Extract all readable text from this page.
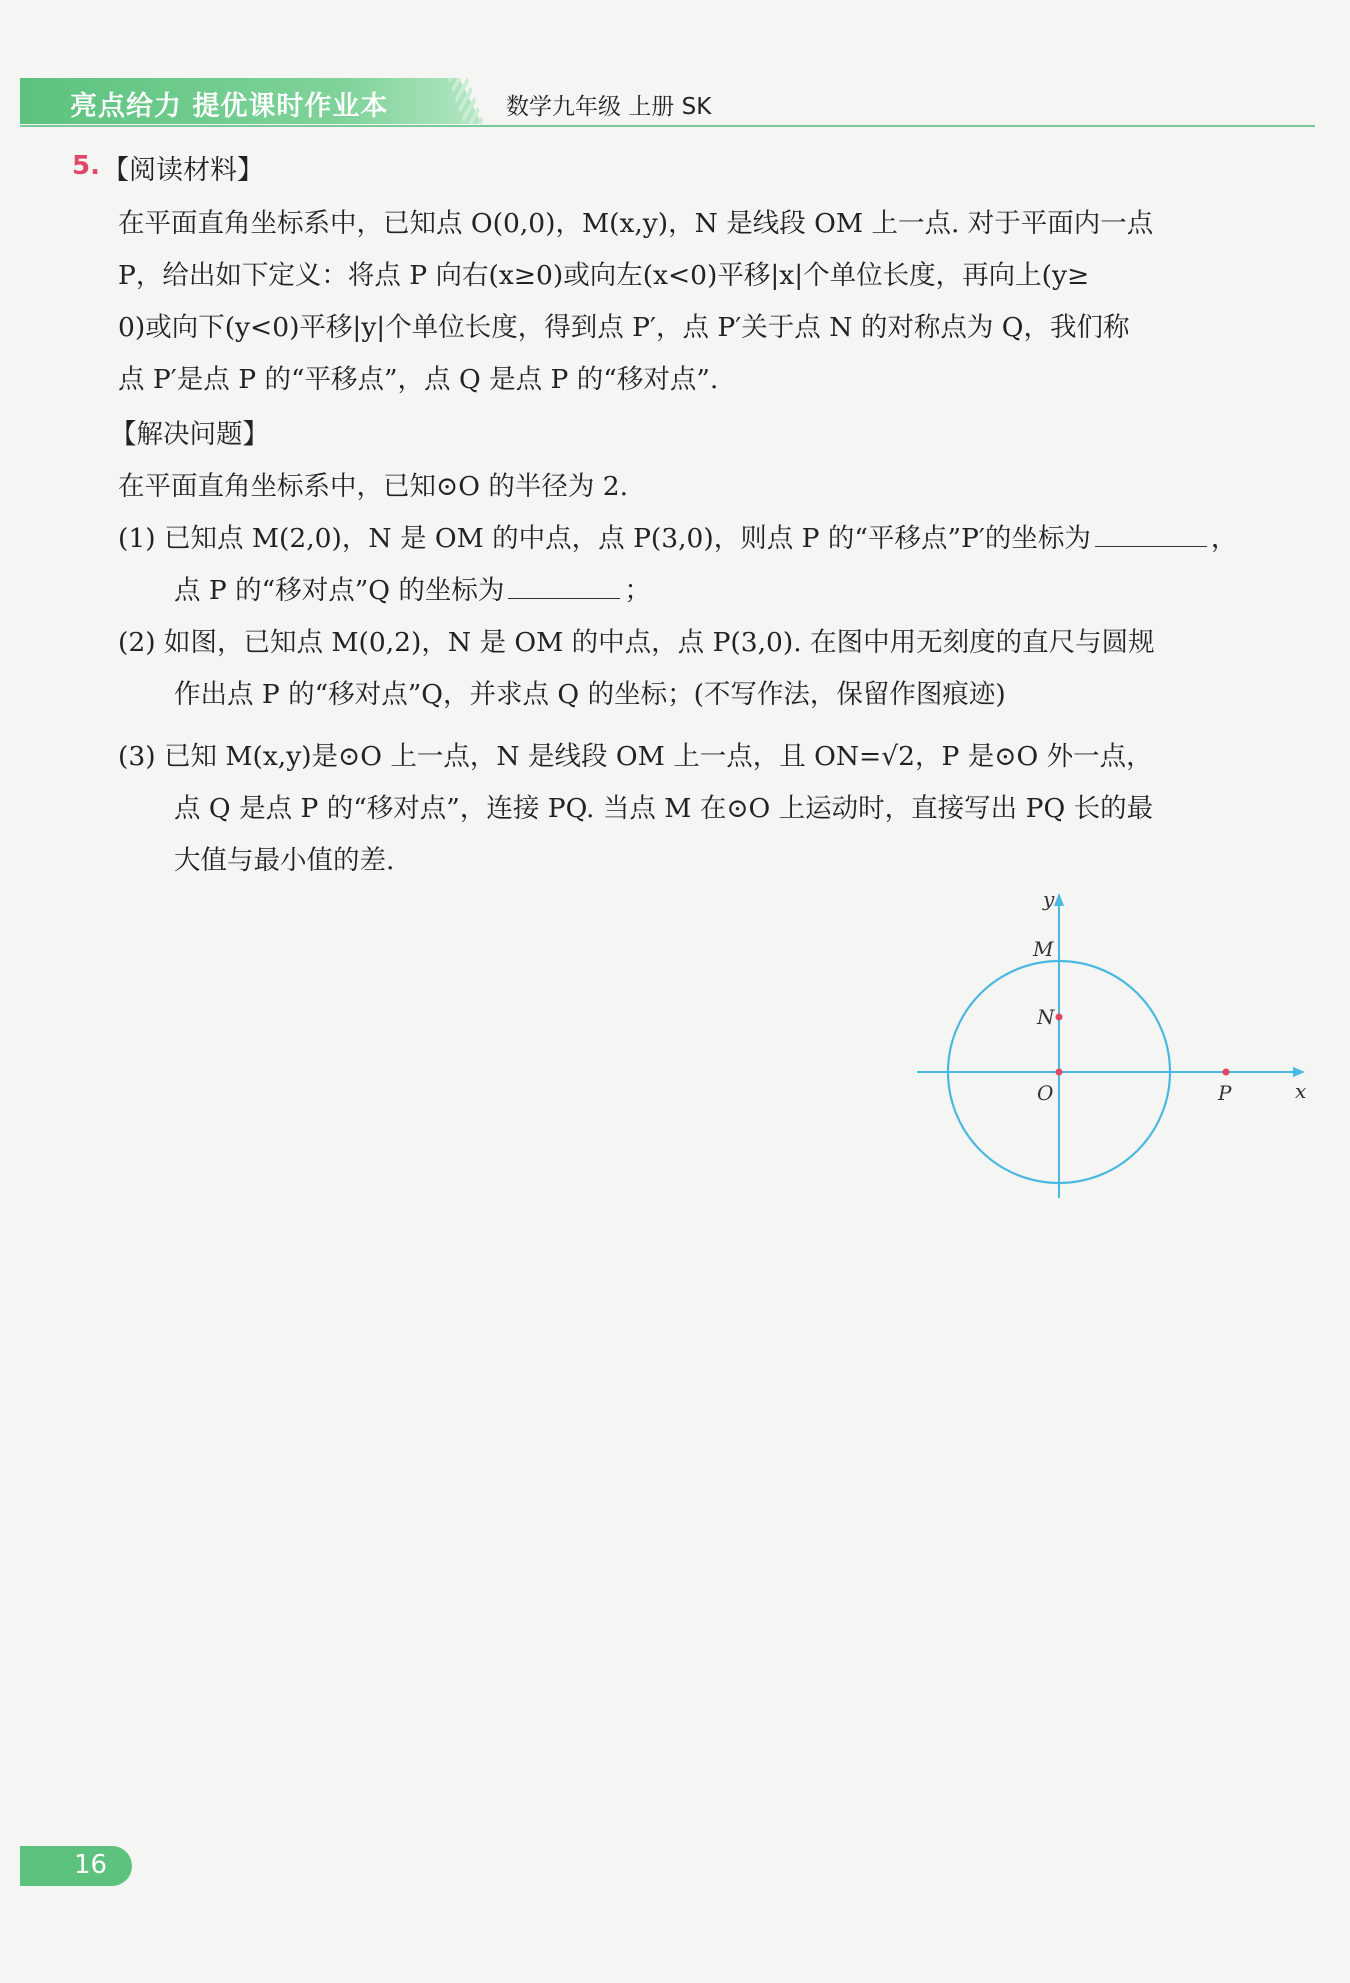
亮点给力 提优课时作业本	数学九年级 上册 SK
5. 【阅读材料】
在平面直角坐标系中，已知点 O(0,0)，M(x,y)，N 是线段 OM 上一点. 对于平面内一点
P，给出如下定义：将点 P 向右(x≥0)或向左(x<0)平移|x|个单位长度，再向上(y≥
0)或向下(y<0)平移|y|个单位长度，得到点 P′，点 P′关于点 N 的对称点为 Q，我们称
点 P′是点 P 的“平移点”，点 Q 是点 P 的“移对点”.
【解决问题】
在平面直角坐标系中，已知⊙O 的半径为 2.
(1) 已知点 M(2,0)，N 是 OM 的中点，点 P(3,0)，则点 P 的“平移点”P′的坐标为	，
点 P 的“移对点”Q 的坐标为	；
(2) 如图，已知点 M(0,2)，N 是 OM 的中点，点 P(3,0). 在图中用无刻度的直尺与圆规
作出点 P 的“移对点”Q，并求点 Q 的坐标；(不写作法，保留作图痕迹)
(3) 已知 M(x,y)是⊙O 上一点，N 是线段 OM 上一点，且 ON=√2，P 是⊙O 外一点，
点 Q 是点 P 的“移对点”，连接 PQ. 当点 M 在⊙O 上运动时，直接写出 PQ 长的最
大值与最小值的差.
y
x
M
N
O	P
16
